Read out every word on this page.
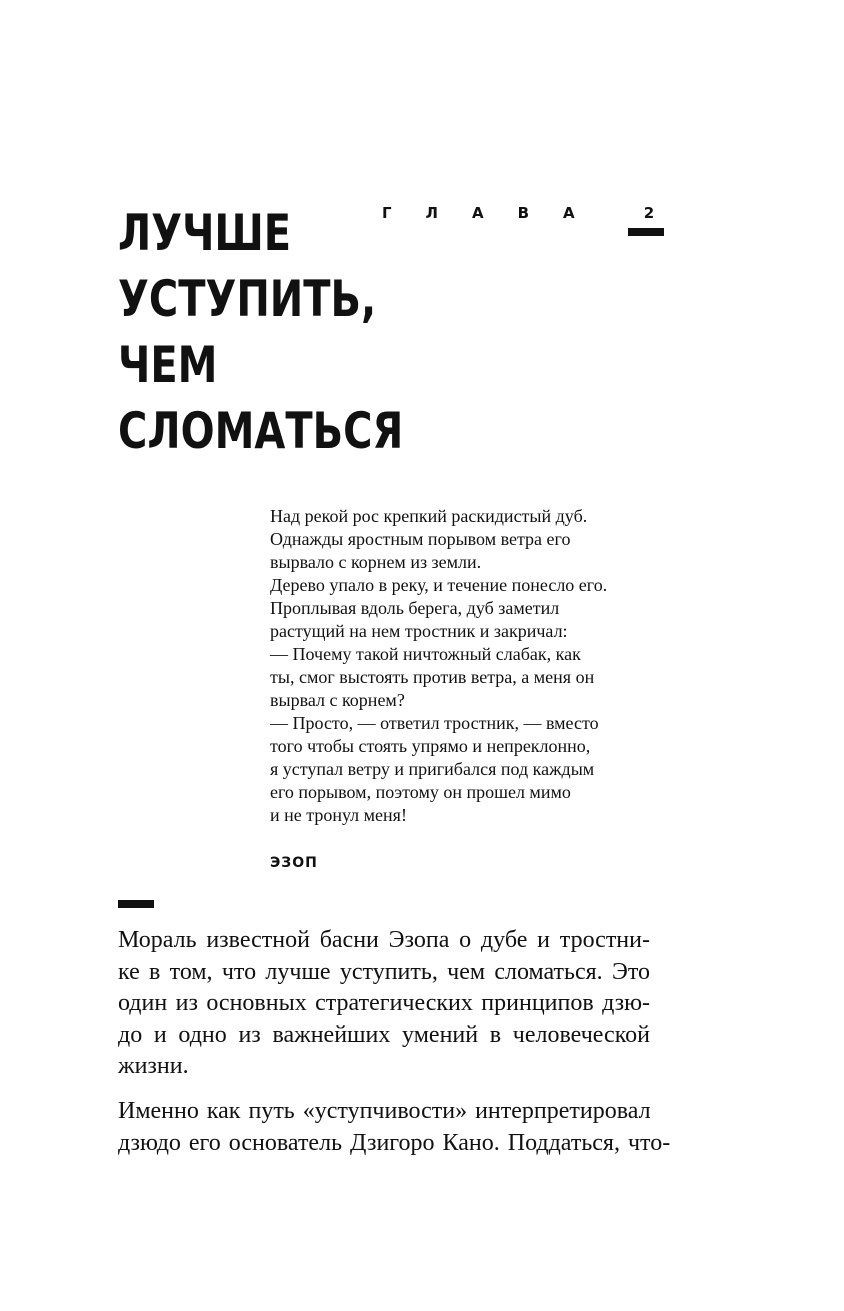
ГЛАВА	2
ЛУЧШЕ
УСТУПИТЬ,
ЧЕМ
СЛОМАТЬСЯ
Над рекой рос крепкий раскидистый дуб.
Однажды яростным порывом ветра его
вырвало с корнем из земли.
Дерево упало в реку, и течение понесло его.
Проплывая вдоль берега, дуб заметил
растущий на нем тростник и закричал:
— Почему такой ничтожный слабак, как
ты, смог выстоять против ветра, а меня он
вырвал с корнем?
— Просто, — ответил тростник, — вместо
того чтобы стоять упрямо и непреклонно,
я уступал ветру и пригибался под каждым
его порывом, поэтому он прошел мимо
и не тронул меня!
ЭЗОП
Мораль известной басни Эзопа о дубе и тростни-
ке в том, что лучше уступить, чем сломаться. Это
один из основных стратегических принципов дзю-
до и одно из важнейших умений в человеческой
жизни.
Именно как путь «уступчивости» интерпретировал
дзюдо его основатель Дзигоро Кано. Поддаться, что-
